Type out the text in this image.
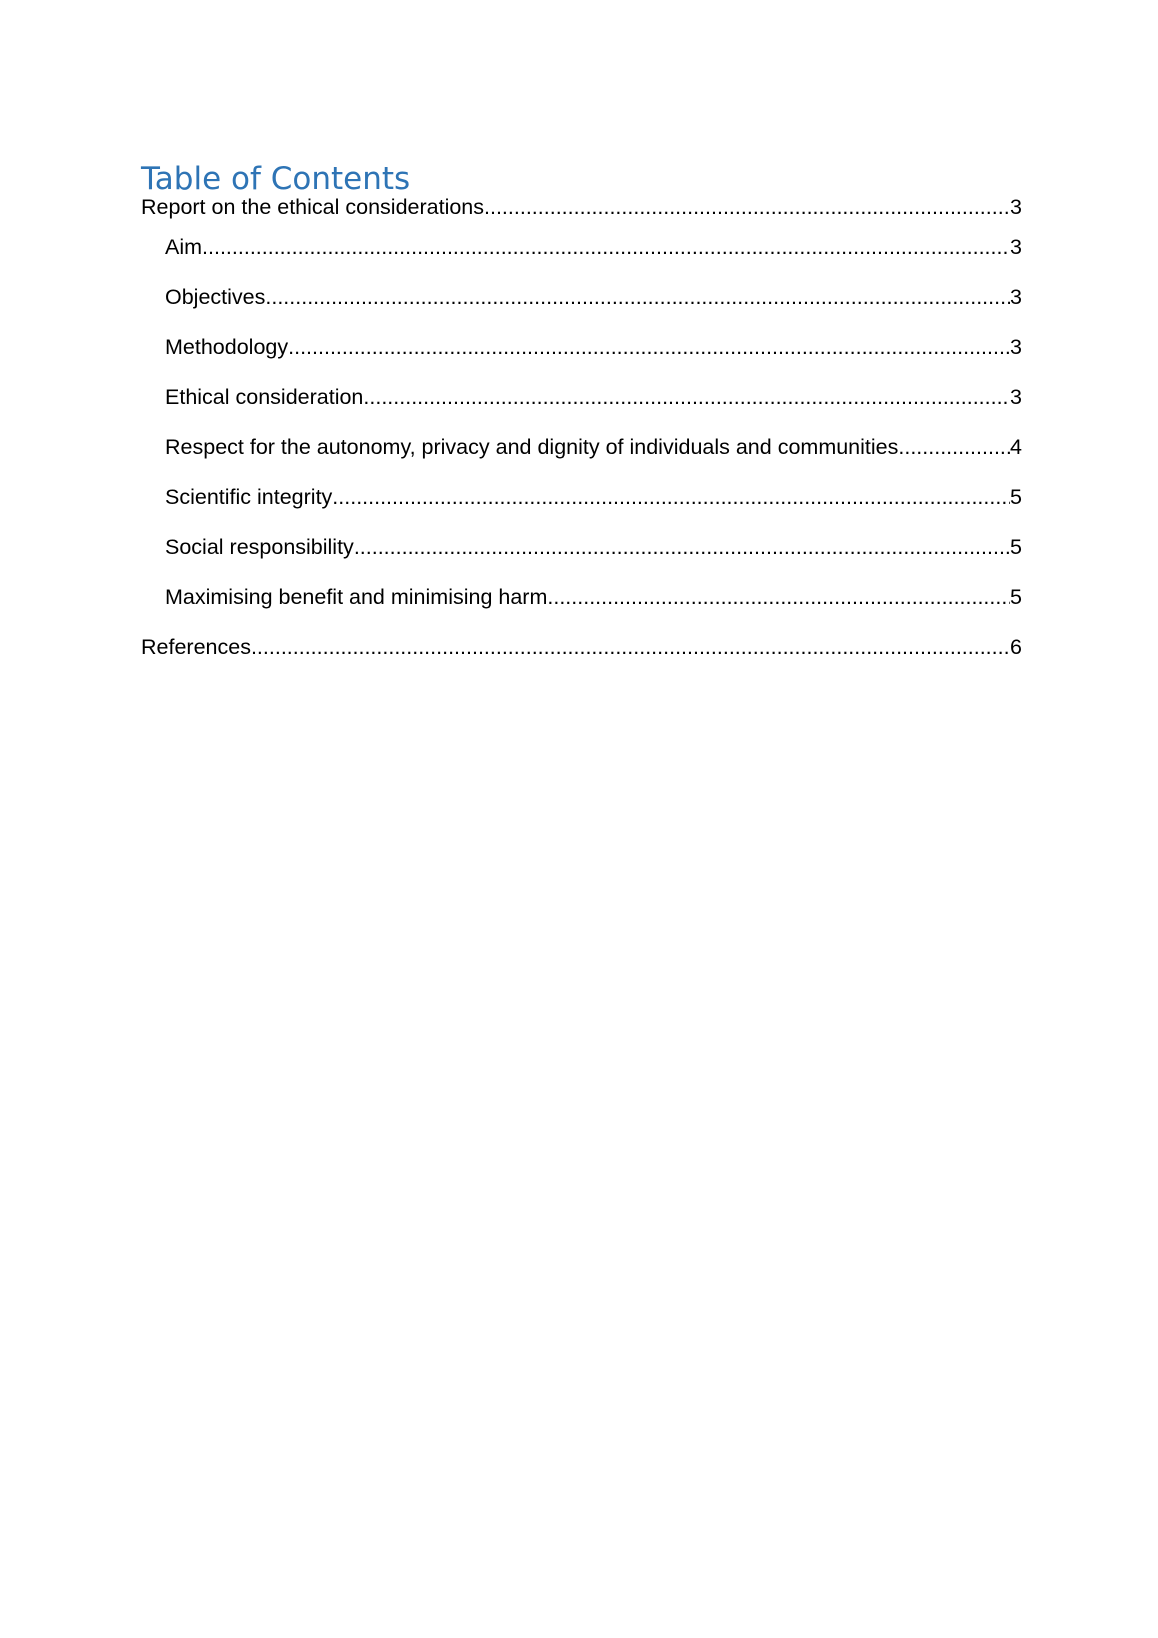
Table of Contents
Report on the ethical considerations .....	3
Aim .....	3
Objectives .....	3
Methodology .....	3
Ethical consideration .....	3
Respect for the autonomy, privacy and dignity of individuals and communities .....	4
Scientific integrity .....	5
Social responsibility .....	5
Maximising benefit and minimising harm .....	5
References .....	6
